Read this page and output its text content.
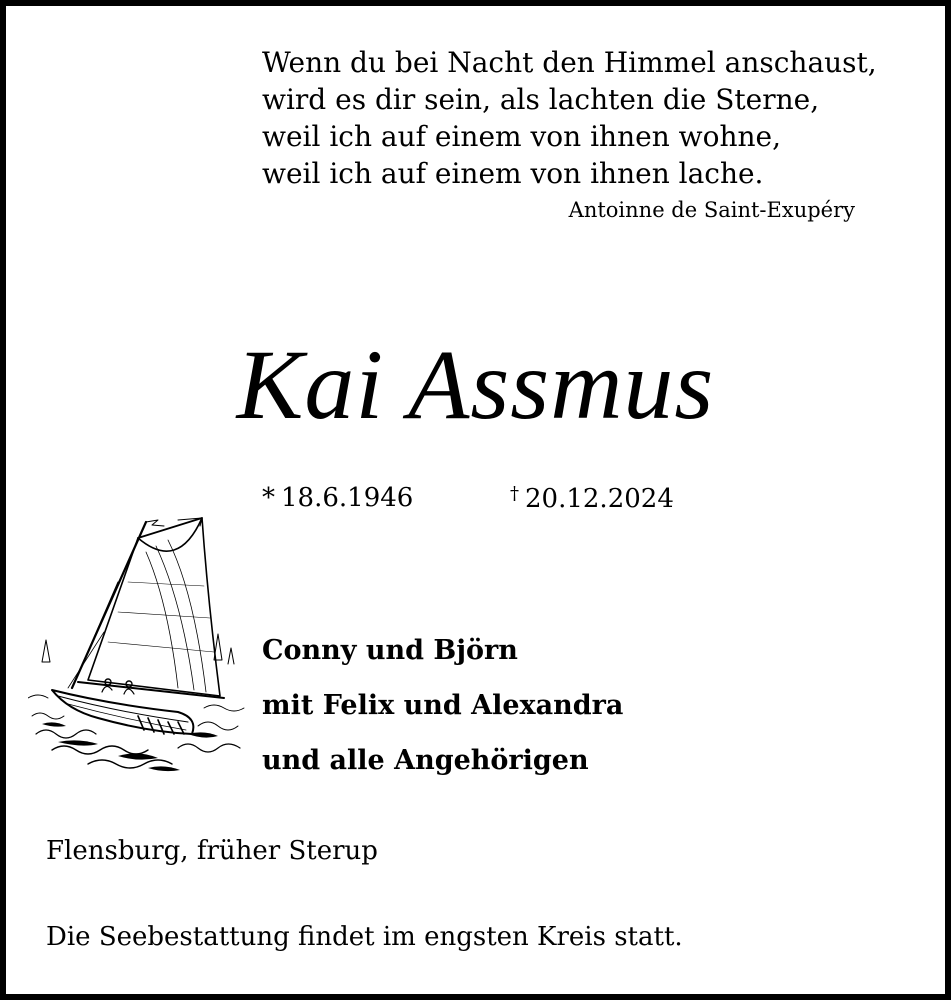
Wenn du bei Nacht den Himmel anschaust,
wird es dir sein, als lachten die Sterne,
weil ich auf einem von ihnen wohne,
weil ich auf einem von ihnen lache.
Antoinne de Saint-Exupéry
Kai Assmus
* 18.6.1946	† 20.12.2024
Conny und Björn
mit Felix und Alexandra
und alle Angehörigen
Flensburg, früher Sterup
Die Seebestattung findet im engsten Kreis statt.
